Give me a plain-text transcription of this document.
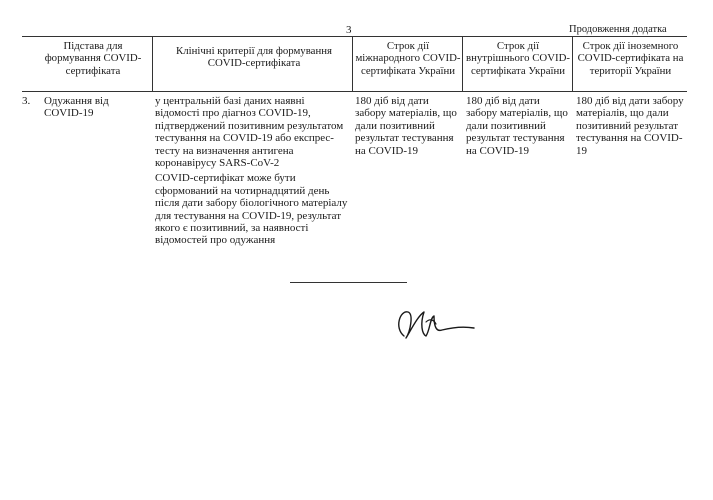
3	Продовження додатка
Підстава для формування COVID-сертифіката
Клінічні критерії для формування COVID-сертифіката
Строк дії міжнародного COVID-сертифіката України
Строк дії внутрішнього COVID-сертифіката України
Строк дії іноземного COVID-сертифіката на території України
3.	Одужання від COVID-19

у центральній базі даних наявні відомості про діагноз COVID-19, підтверджений позитивним результатом тестування на COVID-19 або експрес-тесту на визначення антигена коронавірусу SARS-CoV-2

COVID-сертифікат може бути сформований на чотирнадцятий день після дати забору біологічного матеріалу для тестування на COVID-19, результат якого є позитивний, за наявності відомостей про одужання

180 діб від дати забору матеріалів, що дали позитивний результат тестування на COVID-19
180 діб від дати забору матеріалів, що дали позитивний результат тестування на COVID-19
180 діб від дати забору матеріалів, що дали позитивний результат тестування на COVID-19
